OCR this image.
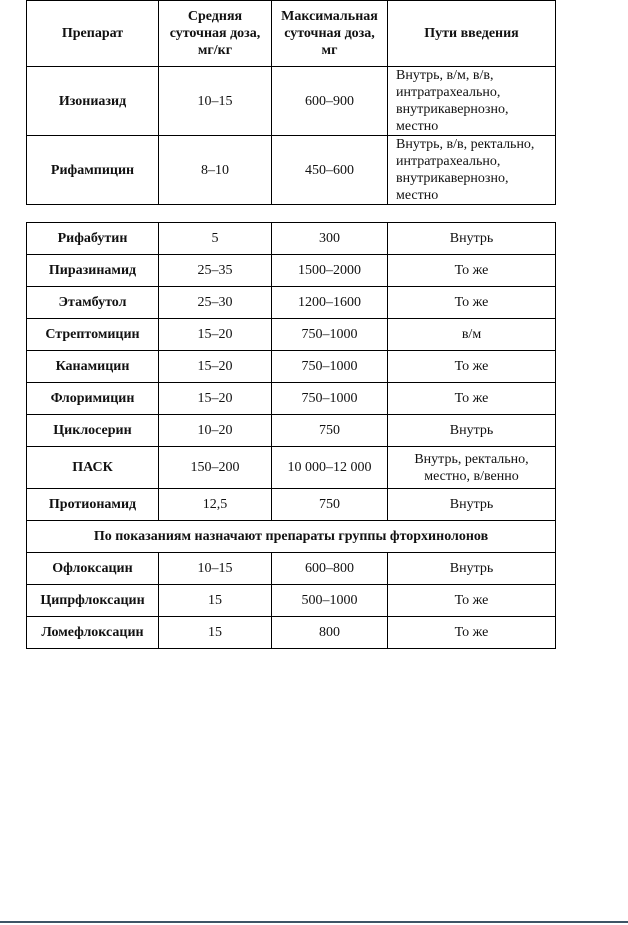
Препарат	Средняя суточная доза, мг/кг	Максимальная суточная доза, мг	Пути введения
Изониазид	10–15	600–900	Внутрь, в/м, в/в, интратрахеально, внутрикавернозно, местно
Рифампицин	8–10	450–600	Внутрь, в/в, ректально, интратрахеально, внутрикавернозно, местно
Рифабутин	5	300	Внутрь
Пиразинамид	25–35	1500–2000	То же
Этамбутол	25–30	1200–1600	То же
Стрептомицин	15–20	750–1000	в/м
Канамицин	15–20	750–1000	То же
Флоримицин	15–20	750–1000	То же
Циклосерин	10–20	750	Внутрь
ПАСК	150–200	10 000–12 000	Внутрь, ректально, местно, в/венно
Протионамид	12,5	750	Внутрь
По показаниям назначают препараты группы фторхинолонов			
Офлоксацин	10–15	600–800	Внутрь
Ципрфлоксацин	15	500–1000	То же
Ломефлоксацин	15	800	То же
